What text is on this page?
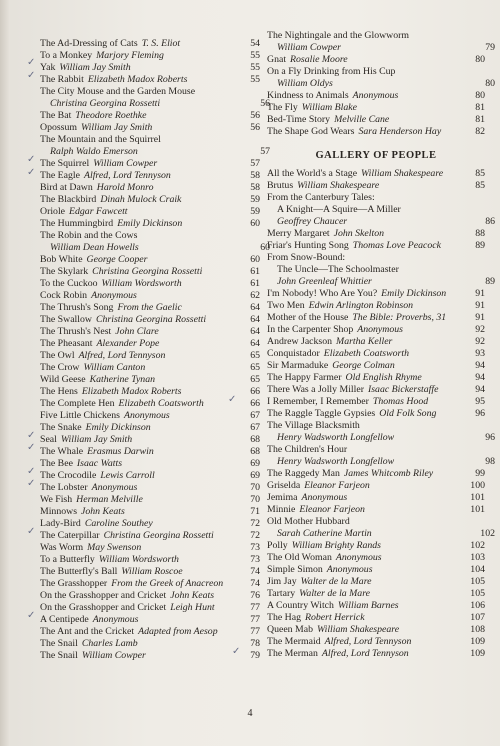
The Ad-Dressing of Cats T. S. Eliot	54
To a Monkey Marjory Fleming	55
Yak William Jay Smith	55
The Rabbit Elizabeth Madox Roberts	55
The City Mouse and the Garden Mouse
Christina Georgina Rossetti	56
The Bat Theodore Roethke	56
Opossum William Jay Smith	56
The Mountain and the Squirrel
Ralph Waldo Emerson	57
The Squirrel William Cowper	57
The Eagle Alfred, Lord Tennyson	58
Bird at Dawn Harold Monro	58
The Blackbird Dinah Mulock Craik	59
Oriole Edgar Fawcett	59
The Hummingbird Emily Dickinson	60
The Robin and the Cows
William Dean Howells	60
Bob White George Cooper	60
The Skylark Christina Georgina Rossetti	61
To the Cuckoo William Wordsworth	61
Cock Robin Anonymous	62
The Thrush's Song From the Gaelic	64
The Swallow Christina Georgina Rossetti	64
The Thrush's Nest John Clare	64
The Pheasant Alexander Pope	64
The Owl Alfred, Lord Tennyson	65
The Crow William Canton	65
Wild Geese Katherine Tynan	65
The Hens Elizabeth Madox Roberts	66
The Complete Hen Elizabeth Coatsworth	66
Five Little Chickens Anonymous	67
The Snake Emily Dickinson	67
Seal William Jay Smith	68
The Whale Erasmus Darwin	68
The Bee Isaac Watts	69
The Crocodile Lewis Carroll	69
The Lobster Anonymous	70
We Fish Herman Melville	70
Minnows John Keats	71
Lady-Bird Caroline Southey	72
The Caterpillar Christina Georgina Rossetti	72
Was Worm May Swenson	73
To a Butterfly William Wordsworth	73
The Butterfly's Ball William Roscoe	74
The Grasshopper From the Greek of Anacreon	74
On the Grasshopper and Cricket John Keats	76
On the Grasshopper and Cricket Leigh Hunt	77
A Centipede Anonymous	77
The Ant and the Cricket Adapted from Aesop	77
The Snail Charles Lamb	78
The Snail William Cowper	79
GALLERY OF PEOPLE
The Nightingale and the Glowworm
William Cowper	79
Gnat Rosalie Moore	80
On a Fly Drinking from His Cup
William Oldys	80
Kindness to Animals Anonymous	80
The Fly William Blake	81
Bed-Time Story Melville Cane	81
The Shape God Wears Sara Henderson Hay	82
All the World's a Stage William Shakespeare	85
Brutus William Shakespeare	85
From the Canterbury Tales:
A Knight—A Squire—A Miller
Geoffrey Chaucer	86
Merry Margaret John Skelton	88
Friar's Hunting Song Thomas Love Peacock	89
From Snow-Bound:
The Uncle—The Schoolmaster
John Greenleaf Whittier	89
I'm Nobody! Who Are You? Emily Dickinson	91
Two Men Edwin Arlington Robinson	91
Mother of the House The Bible: Proverbs, 31	91
In the Carpenter Shop Anonymous	92
Andrew Jackson Martha Keller	92
Conquistador Elizabeth Coatsworth	93
Sir Marmaduke George Colman	94
The Happy Farmer Old English Rhyme	94
There Was a Jolly Miller Isaac Bickerstaffe	94
I Remember, I Remember Thomas Hood	95
The Raggle Taggle Gypsies Old Folk Song	96
The Village Blacksmith
Henry Wadsworth Longfellow	96
The Children's Hour
Henry Wadsworth Longfellow	98
The Raggedy Man James Whitcomb Riley	99
Griselda Eleanor Farjeon	100
Jemima Anonymous	101
Minnie Eleanor Farjeon	101
Old Mother Hubbard
Sarah Catherine Martin	102
Polly William Brighty Rands	102
The Old Woman Anonymous	103
Simple Simon Anonymous	104
Jim Jay Walter de la Mare	105
Tartary Walter de la Mare	105
A Country Witch William Barnes	106
The Hag Robert Herrick	107
Queen Mab William Shakespeare	108
The Mermaid Alfred, Lord Tennyson	109
The Merman Alfred, Lord Tennyson	109
✓
✓
✓
✓
✓
✓
✓
✓
✓
✓
✓
✓
4
